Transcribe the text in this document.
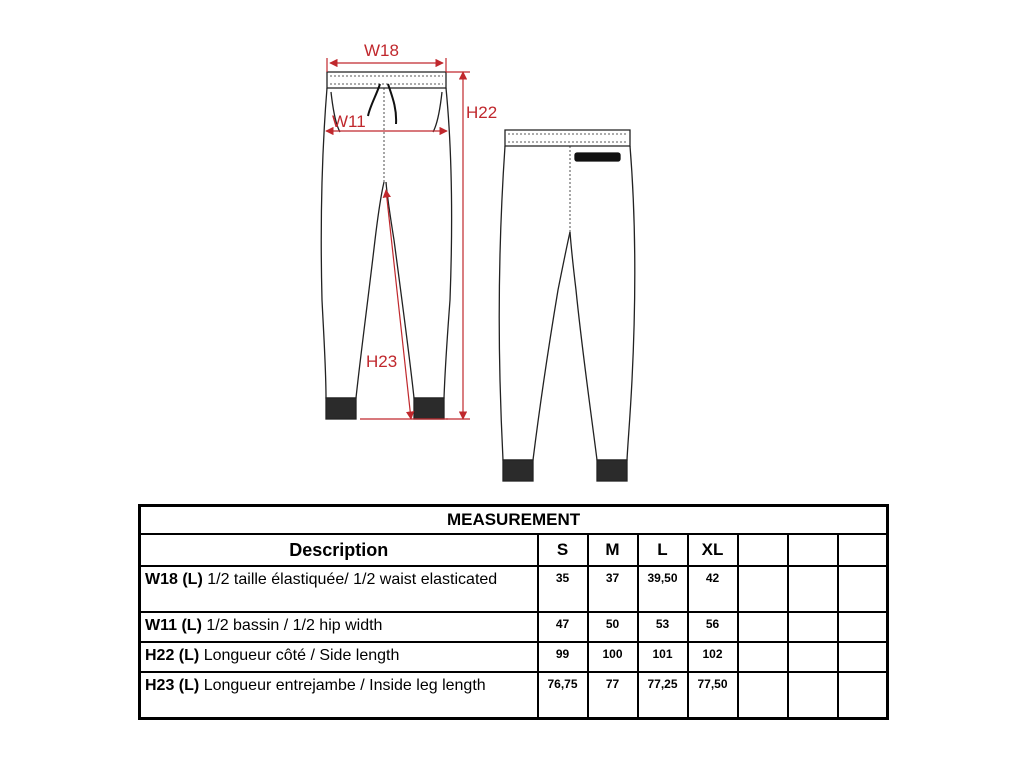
W18
W11	H22
H23
MEASUREMENT							
Description	S	M	L	XL			
W18 (L) 1/2 taille élastiquée/ 1/2 waist elasticated	35	37	39,50	42			
W11 (L) 1/2 bassin / 1/2 hip width	47	50	53	56			
H22 (L) Longueur côté / Side length	99	100	101	102			
H23 (L) Longueur entrejambe / Inside leg length	76,75	77	77,25	77,50			
